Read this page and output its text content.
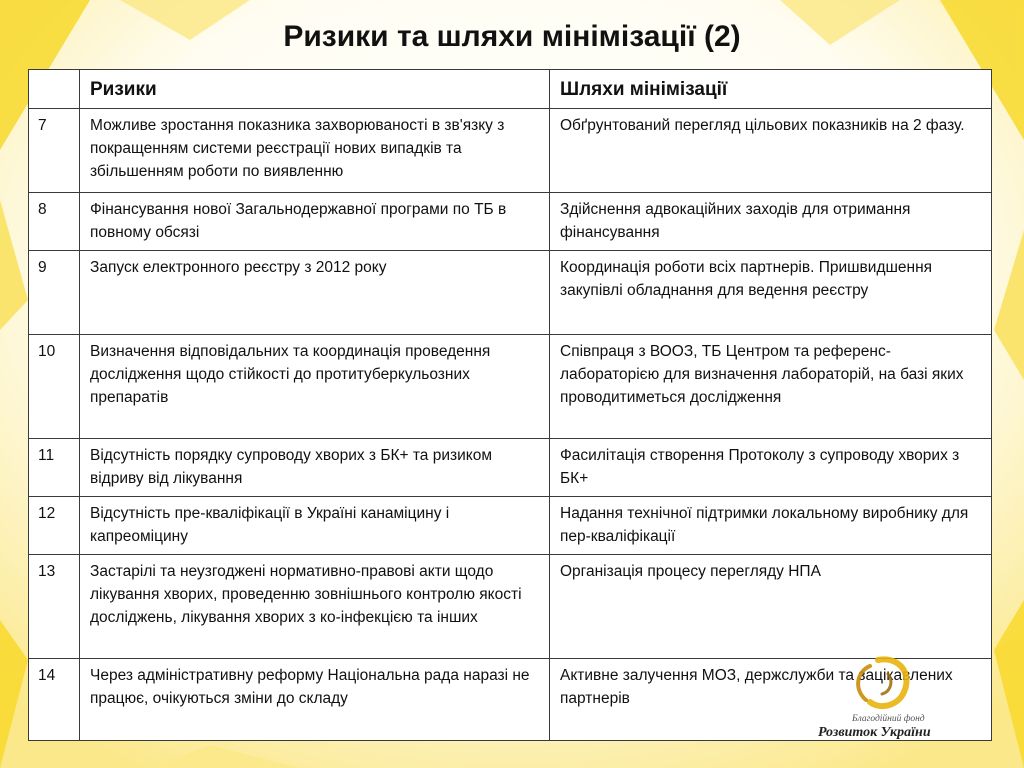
Ризики та шляхи мінімізації (2)
	Ризики	Шляхи мінімізації
7	Можливе зростання показника захворюваності в зв'язку з покращенням системи реєстрації нових випадків та збільшенням роботи по виявленню	Обґрунтований перегляд цільових показників на 2 фазу.
8	Фінансування нової Загальнодержавної програми по ТБ в повному обсязі	Здійснення адвокаційних заходів для отримання фінансування
9	Запуск електронного реєстру з 2012 року	Координація роботи всіх партнерів. Пришвидшення закупівлі обладнання для ведення реєстру
10	Визначення відповідальних та координація проведення дослідження щодо стійкості до протитуберкульозних препаратів	Співпраця з ВООЗ, ТБ Центром та референс-лабораторією для визначення лабораторій, на базі яких проводитиметься дослідження
11	Відсутність порядку супроводу хворих з БК+ та ризиком відриву від лікування	Фасилітація створення Протоколу з супроводу хворих з БК+
12	Відсутність пре-кваліфікації в Україні канаміцину і капреоміцину	Надання технічної підтримки локальному виробнику для пер-кваліфікації
13	Застарілі та неузгоджені нормативно-правові акти щодо лікування хворих, проведенню зовнішнього контролю якості досліджень, лікування хворих з ко-інфекцією та інших	Організація процесу перегляду НПА
14	Через адміністративну реформу Національна рада наразі не працює, очікуються зміни до складу	Активне залучення МОЗ, держслужби та зацікавлених партнерів
Благодійний фонд
Розвиток України
